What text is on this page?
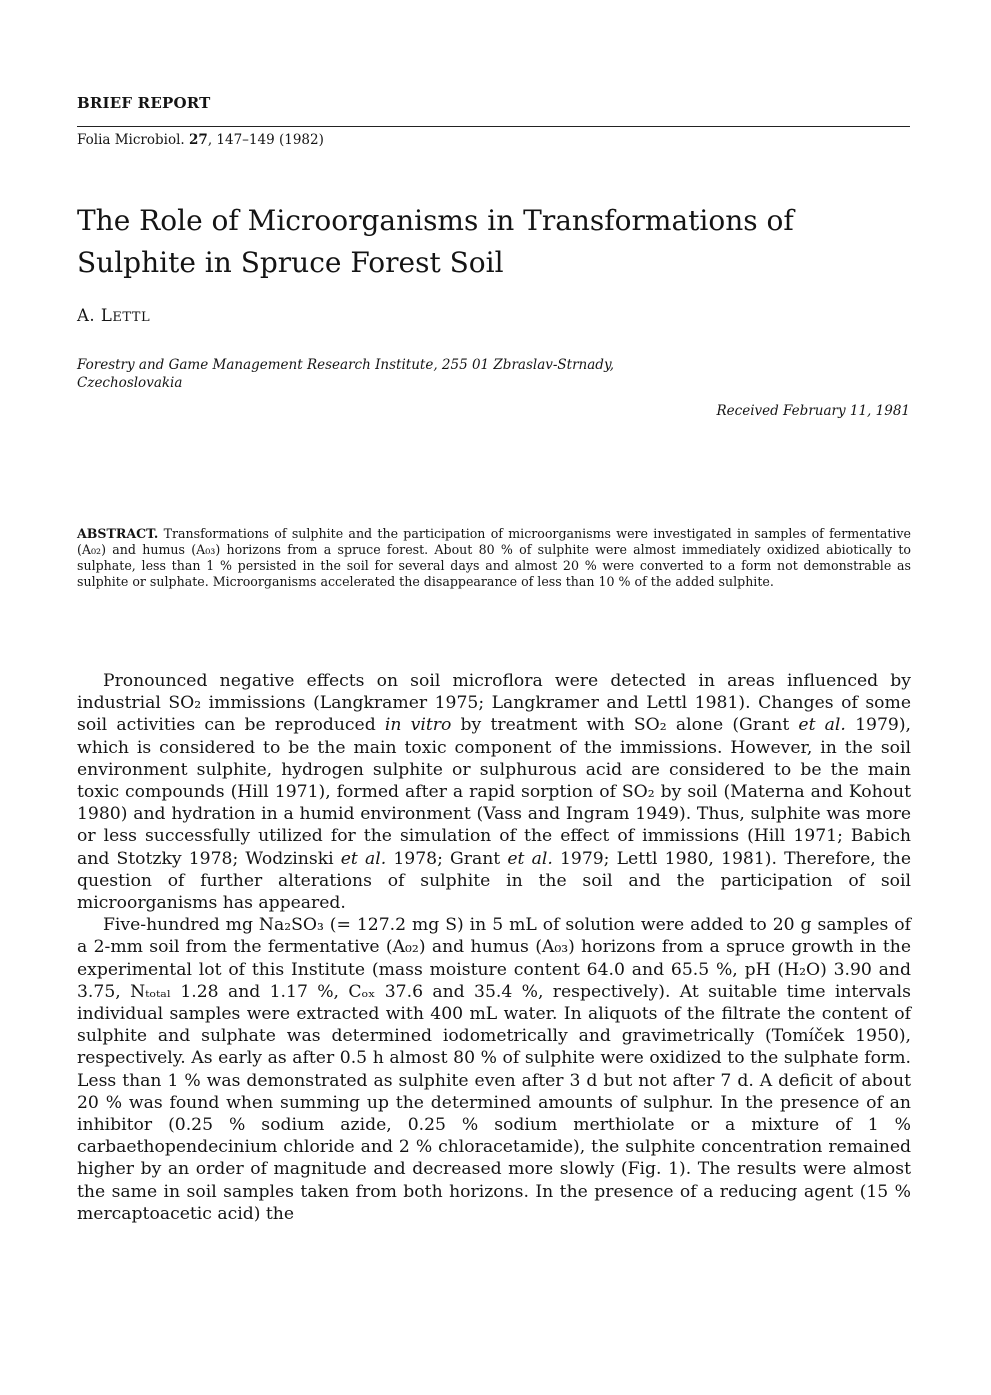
BRIEF REPORT
Folia Microbiol. 27, 147–149 (1982)
The Role of Microorganisms in Transformations of Sulphite in Spruce Forest Soil
A. LETTL
Forestry and Game Management Research Institute, 255 01 Zbraslav-Strnady, Czechoslovakia
Received February 11, 1981

ABSTRACT. Transformations of sulphite and the participation of microorganisms were investigated in samples of fermentative (A₀₂) and humus (A₀₃) horizons from a spruce forest. About 80 % of sulphite were almost immediately oxidized abiotically to sulphate, less than 1 % persisted in the soil for several days and almost 20 % were converted to a form not demonstrable as sulphite or sulphate. Microorganisms accelerated the disappearance of less than 10 % of the added sulphite.

Pronounced negative effects on soil microflora were detected in areas influenced by industrial SO₂ immissions (Langkramer 1975; Langkramer and Lettl 1981). Changes of some soil activities can be reproduced in vitro by treatment with SO₂ alone (Grant et al. 1979), which is considered to be the main toxic component of the immissions. However, in the soil environment sulphite, hydrogen sulphite or sulphurous acid are considered to be the main toxic compounds (Hill 1971), formed after a rapid sorption of SO₂ by soil (Materna and Kohout 1980) and hydration in a humid environment (Vass and Ingram 1949). Thus, sulphite was more or less successfully utilized for the simulation of the effect of immissions (Hill 1971; Babich and Stotzky 1978; Wodzinski et al. 1978; Grant et al. 1979; Lettl 1980, 1981). Therefore, the question of further alterations of sulphite in the soil and the participation of soil microorganisms has appeared.

Five-hundred mg Na₂SO₃ (= 127.2 mg S) in 5 mL of solution were added to 20 g samples of a 2-mm soil from the fermentative (A₀₂) and humus (A₀₃) horizons from a spruce growth in the experimental lot of this Institute (mass moisture content 64.0 and 65.5 %, pH (H₂O) 3.90 and 3.75, Nₜₒₜₐₗ 1.28 and 1.17 %, Cₒₓ 37.6 and 35.4 %, respectively). At suitable time intervals individual samples were extracted with 400 mL water. In aliquots of the filtrate the content of sulphite and sulphate was determined iodometrically and gravimetrically (Tomíček 1950), respectively. As early as after 0.5 h almost 80 % of sulphite were oxidized to the sulphate form. Less than 1 % was demonstrated as sulphite even after 3 d but not after 7 d. A deficit of about 20 % was found when summing up the determined amounts of sulphur. In the presence of an inhibitor (0.25 % sodium azide, 0.25 % sodium merthiolate or a mixture of 1 % carbaethopendecinium chloride and 2 % chloracetamide), the sulphite concentration remained higher by an order of magnitude and decreased more slowly (Fig. 1). The results were almost the same in soil samples taken from both horizons. In the presence of a reducing agent (15 % mercaptoacetic acid) the
